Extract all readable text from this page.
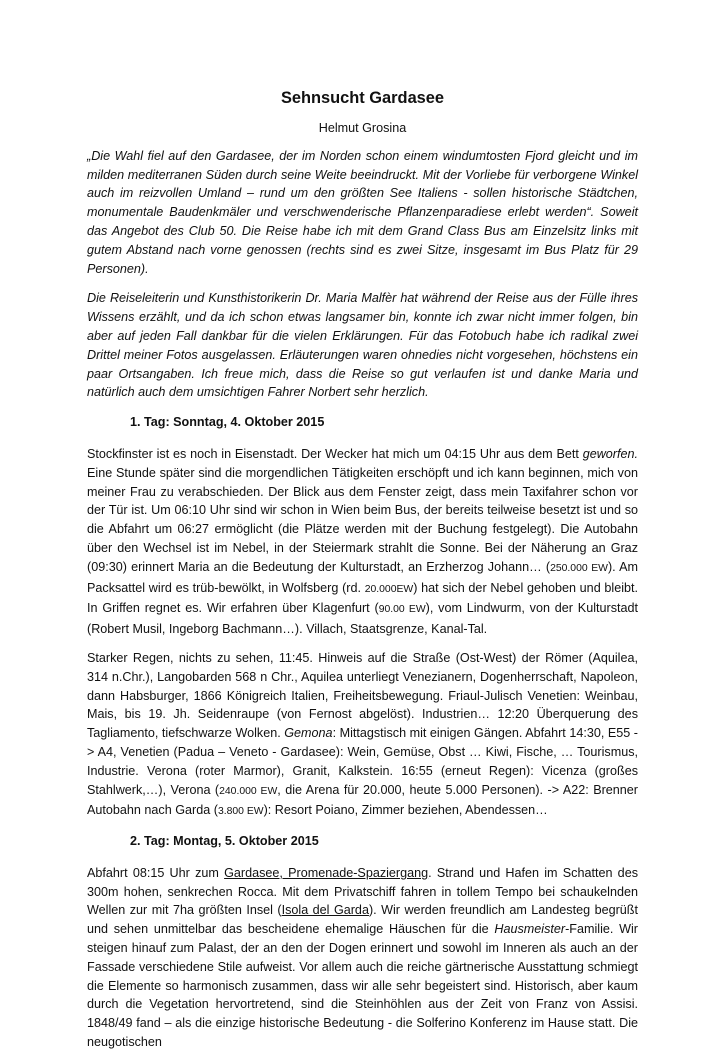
Sehnsucht Gardasee
Helmut Grosina

„Die Wahl fiel auf den Gardasee, der im Norden schon einem windumtosten Fjord gleicht und im milden mediterranen Süden durch seine Weite beeindruckt. Mit der Vorliebe für verborgene Winkel auch im reizvollen Umland – rund um den größten See Italiens - sollen historische Städtchen, monumentale Baudenkmäler und verschwenderische Pflanzenparadiese erlebt werden“. Soweit das Angebot des Club 50. Die Reise habe ich mit dem Grand Class Bus am Einzelsitz links mit gutem Abstand nach vorne genossen (rechts sind es zwei Sitze, insgesamt im Bus Platz für 29 Personen).

Die Reiseleiterin und Kunsthistorikerin Dr. Maria Malfèr hat während der Reise aus der Fülle ihres Wissens erzählt, und da ich schon etwas langsamer bin, konnte ich zwar nicht immer folgen, bin aber auf jeden Fall dankbar für die vielen Erklärungen. Für das Fotobuch habe ich radikal zwei Drittel meiner Fotos ausgelassen. Erläuterungen waren ohnedies nicht vorgesehen, höchstens ein paar Ortsangaben. Ich freue mich, dass die Reise so gut verlaufen ist und danke Maria und natürlich auch dem umsichtigen Fahrer Norbert sehr herzlich.

1. Tag: Sonntag, 4. Oktober 2015

Stockfinster ist es noch in Eisenstadt. Der Wecker hat mich um 04:15 Uhr aus dem Bett geworfen. Eine Stunde später sind die morgendlichen Tätigkeiten erschöpft und ich kann beginnen, mich von meiner Frau zu verabschieden. Der Blick aus dem Fenster zeigt, dass mein Taxifahrer schon vor der Tür ist. Um 06:10 Uhr sind wir schon in Wien beim Bus, der bereits teilweise besetzt ist und so die Abfahrt um 06:27 ermöglicht (die Plätze werden mit der Buchung festgelegt). Die Autobahn über den Wechsel ist im Nebel, in der Steiermark strahlt die Sonne. Bei der Näherung an Graz (09:30) erinnert Maria an die Bedeutung der Kulturstadt, an Erzherzog Johann… (250.000 EW). Am Packsattel wird es trüb-bewölkt, in Wolfsberg (rd. 20.000EW) hat sich der Nebel gehoben und bleibt. In Griffen regnet es. Wir erfahren über Klagenfurt (90.00 EW), vom Lindwurm, von der Kulturstadt (Robert Musil, Ingeborg Bachmann…). Villach, Staatsgrenze, Kanal-Tal.

Starker Regen, nichts zu sehen, 11:45. Hinweis auf die Straße (Ost-West) der Römer (Aquilea, 314 n.Chr.), Langobarden 568 n Chr., Aquilea unterliegt Venezianern, Dogenherrschaft, Napoleon, dann Habsburger, 1866 Königreich Italien, Freiheitsbewegung. Friaul-Julisch Venetien: Weinbau, Mais, bis 19. Jh. Seidenraupe (von Fernost abgelöst). Industrien… 12:20 Überquerung des Tagliamento, tiefschwarze Wolken. Gemona: Mittagstisch mit einigen Gängen. Abfahrt 14:30, E55 -> A4, Venetien (Padua – Veneto - Gardasee): Wein, Gemüse, Obst … Kiwi, Fische, … Tourismus, Industrie. Verona (roter Marmor), Granit, Kalkstein. 16:55 (erneut Regen): Vicenza (großes Stahlwerk,…), Verona (240.000 EW, die Arena für 20.000, heute 5.000 Personen). -> A22: Brenner Autobahn nach Garda (3.800 EW): Resort Poiano, Zimmer beziehen, Abendessen…

2. Tag: Montag, 5. Oktober 2015

Abfahrt 08:15 Uhr zum Gardasee, Promenade-Spaziergang. Strand und Hafen im Schatten des 300m hohen, senkrechen Rocca. Mit dem Privatschiff fahren in tollem Tempo bei schaukelnden Wellen zur mit 7ha größten Insel (Isola del Garda). Wir werden freundlich am Landesteg begrüßt und sehen unmittelbar das bescheidene ehemalige Häuschen für die Hausmeister-Familie. Wir steigen hinauf zum Palast, der an den der Dogen erinnert und sowohl im Inneren als auch an der Fassade verschiedene Stile aufweist. Vor allem auch die reiche gärtnerische Ausstattung schmiegt die Elemente so harmonisch zusammen, dass wir alle sehr begeistert sind. Historisch, aber kaum durch die Vegetation hervortretend, sind die Steinhöhlen aus der Zeit von Franz von Assisi. 1848/49 fand – als die einzige historische Bedeutung - die Solferino Konferenz im Hause statt. Die neugotischen
